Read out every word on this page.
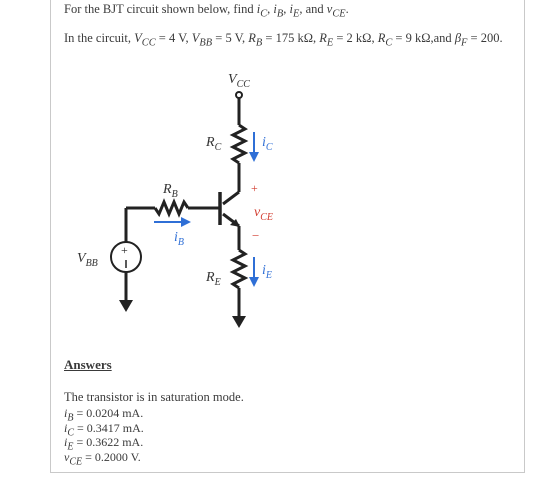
For the BJT circuit shown below, find $i_C$, $i_B$, $i_E$, and $v_{CE}$.
In the circuit, $V_{CC} = 4$ V, $V_{BB} = 5$ V, $R_B = 175$ kΩ, $R_E = 2$ kΩ, $R_C = 9$ kΩ,and $\beta_F = 200$.
+
$V_{CC}$
$R_C$	$i_C$
$R_B$
$i_B$
+
$v_{CE}$
−
$V_{BB}$
$R_E$
$i_E$
Answers
The transistor is in saturation mode.
$i_B = 0.0204$ mA.
$i_C = 0.3417$ mA.
$i_E = 0.3622$ mA.
$v_{CE} = 0.2000$ V.
